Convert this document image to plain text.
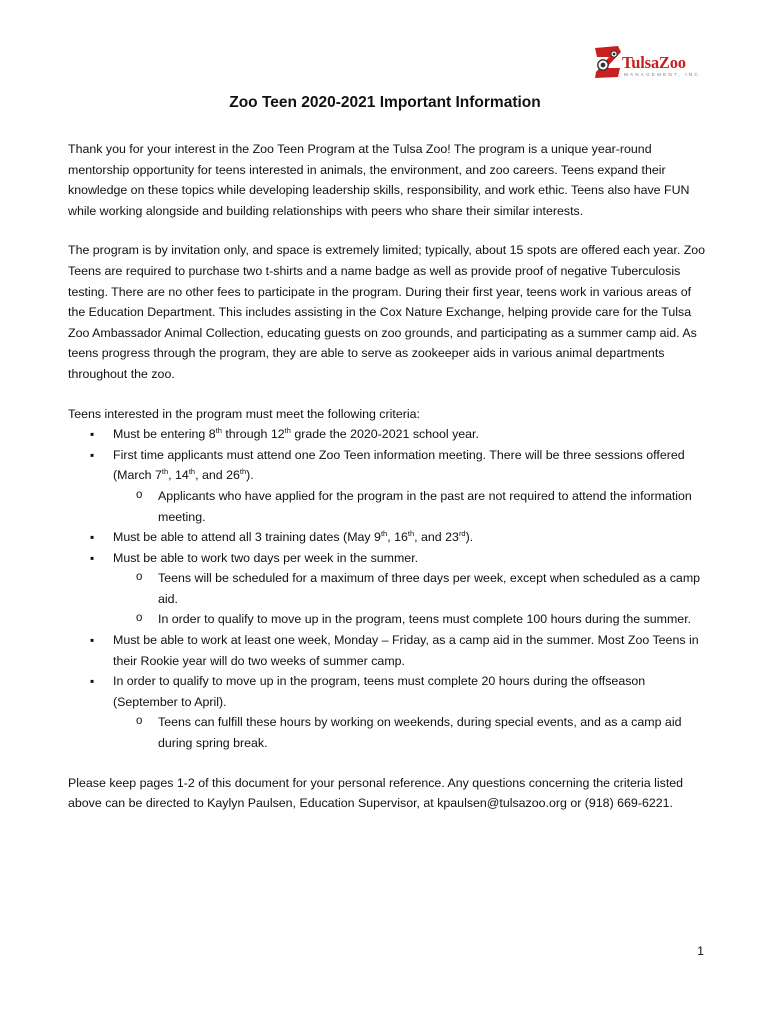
TulsaZoo
MANAGEMENT, INC.
Zoo Teen 2020-2021 Important Information

Thank you for your interest in the Zoo Teen Program at the Tulsa Zoo! The program is a unique year-round mentorship opportunity for teens interested in animals, the environment, and zoo careers. Teens expand their knowledge on these topics while developing leadership skills, responsibility, and work ethic. Teens also have FUN while working alongside and building relationships with peers who share their similar interests.

The program is by invitation only, and space is extremely limited; typically, about 15 spots are offered each year. Zoo Teens are required to purchase two t-shirts and a name badge as well as provide proof of negative Tuberculosis testing. There are no other fees to participate in the program. During their first year, teens work in various areas of the Education Department. This includes assisting in the Cox Nature Exchange, helping provide care for the Tulsa Zoo Ambassador Animal Collection, educating guests on zoo grounds, and participating as a summer camp aid. As teens progress through the program, they are able to serve as zookeeper aids in various animal departments throughout the zoo.

Teens interested in the program must meet the following criteria:

▪ Must be entering 8th through 12th grade the 2020-2021 school year.
▪ First time applicants must attend one Zoo Teen information meeting. There will be three sessions offered (March 7th, 14th, and 26th).
o Applicants who have applied for the program in the past are not required to attend the information meeting.
▪ Must be able to attend all 3 training dates (May 9th, 16th, and 23rd).
▪ Must be able to work two days per week in the summer.
o Teens will be scheduled for a maximum of three days per week, except when scheduled as a camp aid.
o In order to qualify to move up in the program, teens must complete 100 hours during the summer.
▪ Must be able to work at least one week, Monday – Friday, as a camp aid in the summer. Most Zoo Teens in their Rookie year will do two weeks of summer camp.
▪ In order to qualify to move up in the program, teens must complete 20 hours during the offseason (September to April).
o Teens can fulfill these hours by working on weekends, during special events, and as a camp aid during spring break.

Please keep pages 1-2 of this document for your personal reference. Any questions concerning the criteria listed above can be directed to Kaylyn Paulsen, Education Supervisor, at kpaulsen@tulsazoo.org or (918) 669-6221.

1
